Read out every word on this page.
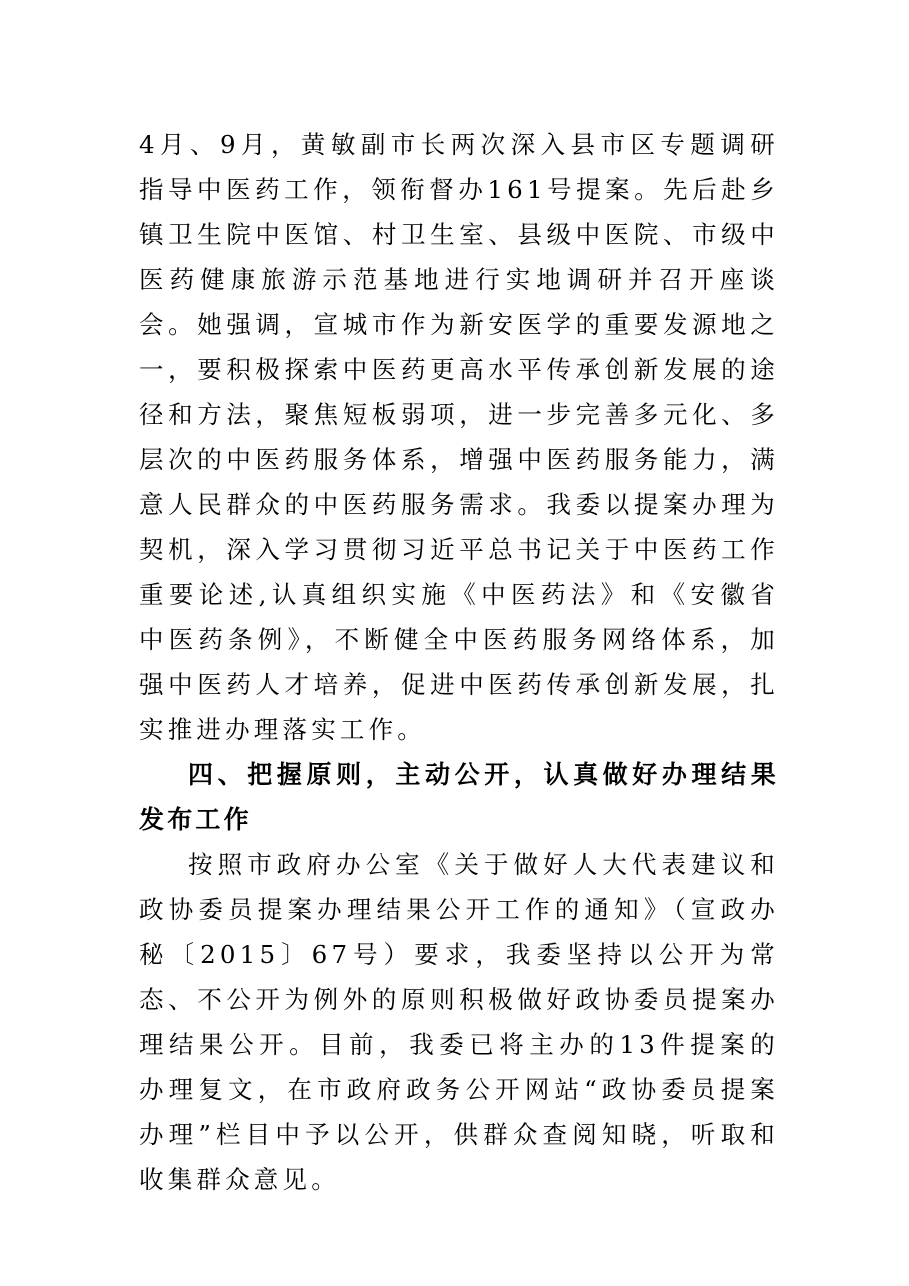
4月、9月，黄敏副市长两次深入县市区专题调研指导中医药工作，领衔督办161号提案。先后赴乡镇卫生院中医馆、村卫生室、县级中医院、市级中医药健康旅游示范基地进行实地调研并召开座谈会。她强调，宣城市作为新安医学的重要发源地之一，要积极探索中医药更高水平传承创新发展的途径和方法，聚焦短板弱项，进一步完善多元化、多层次的中医药服务体系，增强中医药服务能力，满意人民群众的中医药服务需求。我委以提案办理为契机，深入学习贯彻习近平总书记关于中医药工作重要论述,认真组织实施《中医药法》和《安徽省中医药条例》，不断健全中医药服务网络体系，加强中医药人才培养，促进中医药传承创新发展，扎实推进办理落实工作。

四、把握原则，主动公开，认真做好办理结果发布工作

按照市政府办公室《关于做好人大代表建议和政协委员提案办理结果公开工作的通知》（宣政办秘〔2015〕67号）要求，我委坚持以公开为常态、不公开为例外的原则积极做好政协委员提案办理结果公开。目前，我委已将主办的13件提案的办理复文，在市政府政务公开网站“政协委员提案办理”栏目中予以公开，供群众查阅知晓，听取和收集群众意见。
